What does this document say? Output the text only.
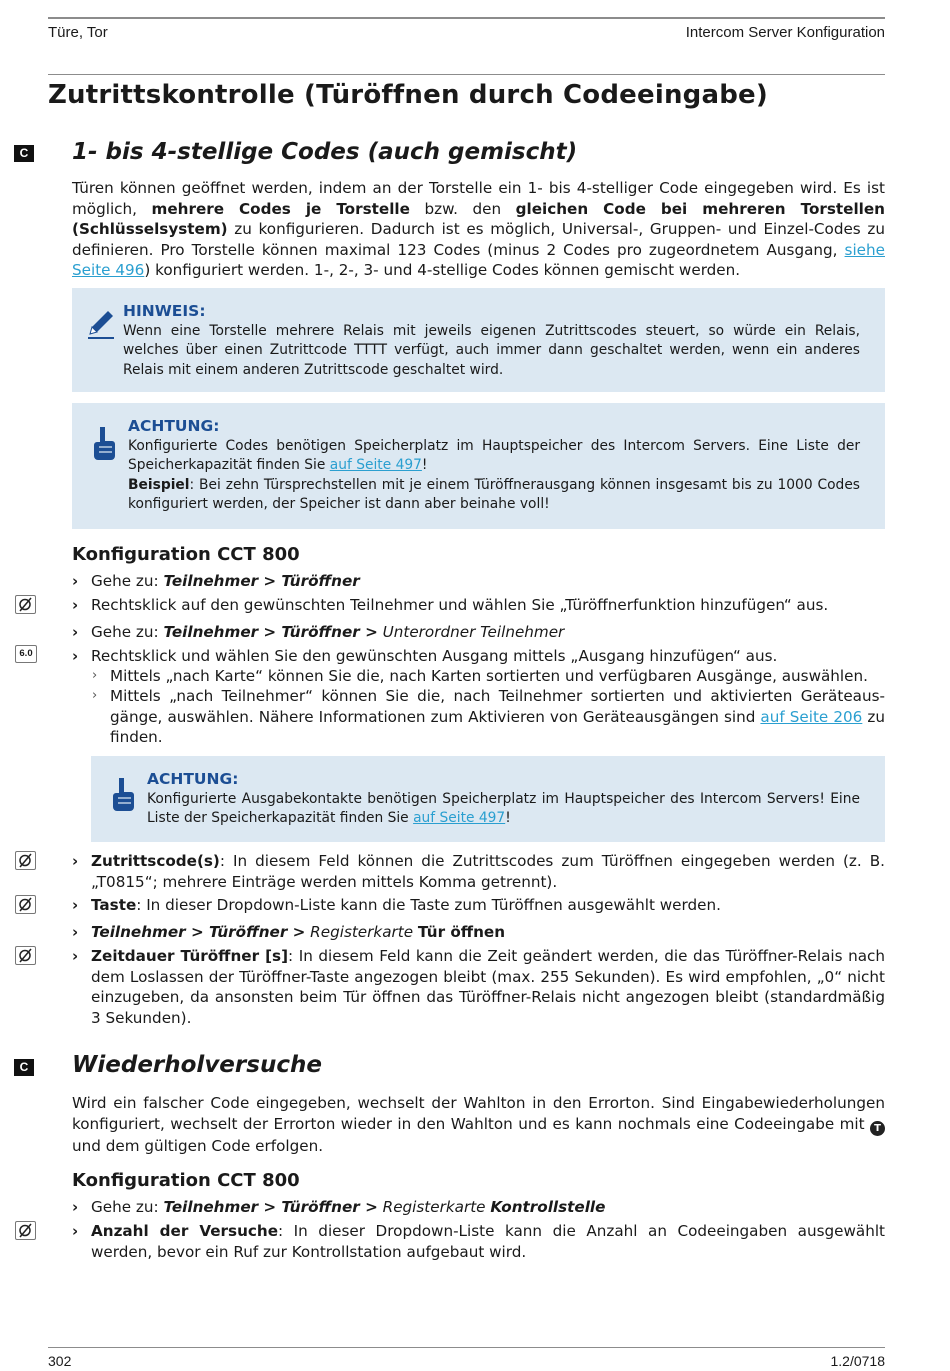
Türe, Tor	Intercom Server Konfiguration
Zutrittskontrolle (Türöffnen durch Codeeingabe)
C 1- bis 4-stellige Codes (auch gemischt)

Türen können geöffnet werden, indem an der Torstelle ein 1- bis 4-stelliger Code eingegeben wird. Es ist möglich, mehrere Codes je Torstelle bzw. den gleichen Code bei mehreren Torstellen (Schlüsselsystem) zu konfigurieren. Dadurch ist es möglich, Universal-, Gruppen- und Einzel-Codes zu definieren. Pro Torstelle können maximal 123 Codes (minus 2 Codes pro zugeordnetem Ausgang, siehe Seite 496) konfiguriert werden. 1-, 2-, 3- und 4-stellige Codes können gemischt werden.

HINWEIS:

Wenn eine Torstelle mehrere Relais mit jeweils eigenen Zutrittscodes steuert, so würde ein Relais, welches über einen Zutrittcode TTTT verfügt, auch immer dann geschaltet werden, wenn ein anderes Relais mit einem anderen Zutrittscode geschaltet wird.

ACHTUNG:

Konfigurierte Codes benötigen Speicherplatz im Hauptspeicher des Intercom Servers. Eine Liste der Speicherkapazität finden Sie auf Seite 497!
Beispiel: Bei zehn Türsprechstellen mit je einem Türöffnerausgang können insgesamt bis zu 1000 Codes konfiguriert werden, der Speicher ist dann aber beinahe voll!

Konfiguration CCT 800
› Gehe zu: Teilnehmer > Türöffner
› Rechtsklick auf den gewünschten Teilnehmer und wählen Sie „Türöffnerfunktion hinzufügen“ aus.
› Gehe zu: Teilnehmer > Türöffner > Unterordner Teilnehmer
6.0	› Rechtsklick und wählen Sie den gewünschten Ausgang mittels „Ausgang hinzufügen“ aus.
› Mittels „nach Karte“ können Sie die, nach Karten sortierten und verfügbaren Ausgänge, auswählen.
› Mittels „nach Teilnehmer“ können Sie die, nach Teilnehmer sortierten und aktivierten Geräteausgänge, auswählen. Nähere Informationen zum Aktivieren von Geräteausgängen sind auf Seite 206 zu finden.
ACHTUNG:

Konfigurierte Ausgabekontakte benötigen Speicherplatz im Hauptspeicher des Intercom Servers! Eine Liste der Speicherkapazität finden Sie auf Seite 497!

› Zutrittscode(s): In diesem Feld können die Zutrittscodes zum Türöffnen eingegeben werden (z. B. „T0815“; mehrere Einträge werden mittels Komma getrennt).
› Taste: In dieser Dropdown-Liste kann die Taste zum Türöffnen ausgewählt werden.
› Teilnehmer > Türöffner > Registerkarte Tür öffnen
› Zeitdauer Türöffner [s]: In diesem Feld kann die Zeit geändert werden, die das Türöffner-Relais nach dem Loslassen der Türöffner-Taste angezogen bleibt (max. 255 Sekunden). Es wird empfohlen, „0“ nicht einzugeben, da ansonsten beim Tür öffnen das Türöffner-Relais nicht angezogen bleibt (standardmäßig 3 Sekunden).
C Wiederholversuche

Wird ein falscher Code eingegeben, wechselt der Wahlton in den Errorton. Sind Eingabewiederholungen konfiguriert, wechselt der Errorton wieder in den Wahlton und es kann nochmals eine Codeeingabe mit T und dem gültigen Code erfolgen.

Konfiguration CCT 800
› Gehe zu: Teilnehmer > Türöffner > Registerkarte Kontrollstelle
› Anzahl der Versuche: In dieser Dropdown-Liste kann die Anzahl an Codeeingaben ausgewählt werden, bevor ein Ruf zur Kontrollstation aufgebaut wird.
302	1.2/0718
